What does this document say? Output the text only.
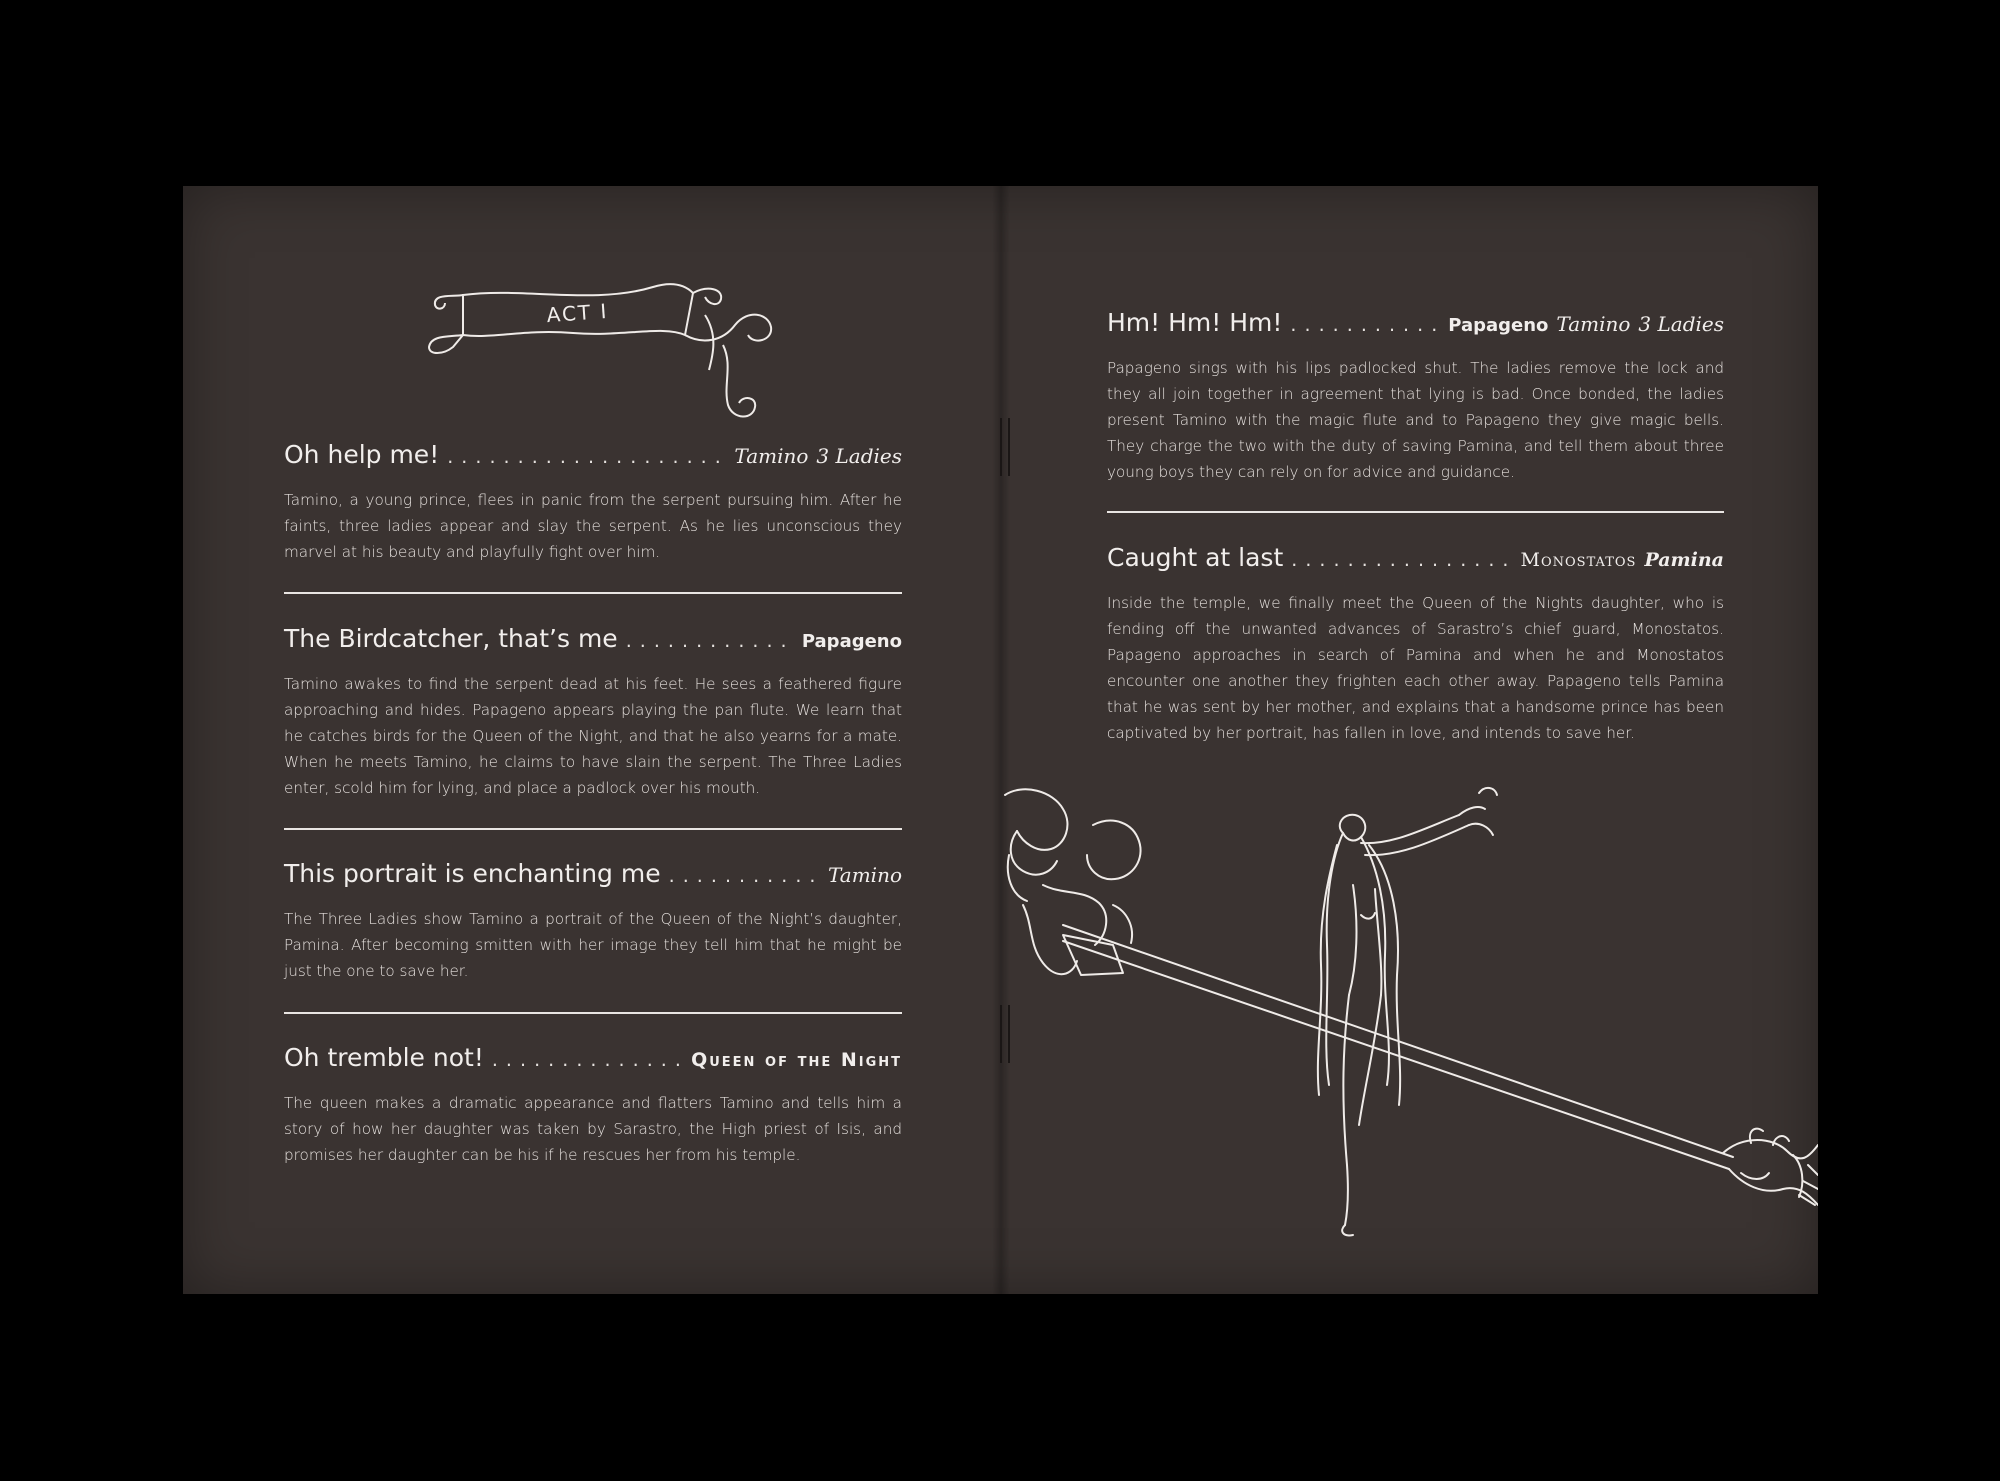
ACT I
Oh help me! . . .	Tamino 3 Ladies
Tamino, a young prince, flees in panic from the serpent pursuing him. After he faints, three ladies appear and slay the serpent. As he lies unconscious they marvel at his beauty and playfully fight over him.
The Birdcatcher, that’s me . . .	Papageno
Tamino awakes to find the serpent dead at his feet. He sees a feathered figure approaching and hides. Papageno appears playing the pan flute. We learn that he catches birds for the Queen of the Night, and that he also yearns for a mate. When he meets Tamino, he claims to have slain the serpent. The Three Ladies enter, scold him for lying, and place a padlock over his mouth.
This portrait is enchanting me . . .	Tamino
The Three Ladies show Tamino a portrait of the Queen of the Night’s daughter, Pamina. After becoming smitten with her image they tell him that he might be just the one to save her.
Oh tremble not! . . .	Queen of the Night
The queen makes a dramatic appearance and flatters Tamino and tells him a story of how her daughter was taken by Sarastro, the High priest of Isis, and promises her daughter can be his if he rescues her from his temple.
Hm! Hm! Hm! . . .	Papageno Tamino 3 Ladies
Papageno sings with his lips padlocked shut. The ladies remove the lock and they all join together in agreement that lying is bad. Once bonded, the ladies present Tamino with the magic flute and to Papageno they give magic bells. They charge the two with the duty of saving Pamina, and tell them about three young boys they can rely on for advice and guidance.
Caught at last . . .	Monostatos Pamina
Inside the temple, we finally meet the Queen of the Nights daughter, who is fending off the unwanted advances of Sarastro’s chief guard, Monostatos. Papageno approaches in search of Pamina and when he and Monostatos encounter one another they frighten each other away. Papageno tells Pamina that he was sent by her mother, and explains that a handsome prince has been captivated by her portrait, has fallen in love, and intends to save her.
